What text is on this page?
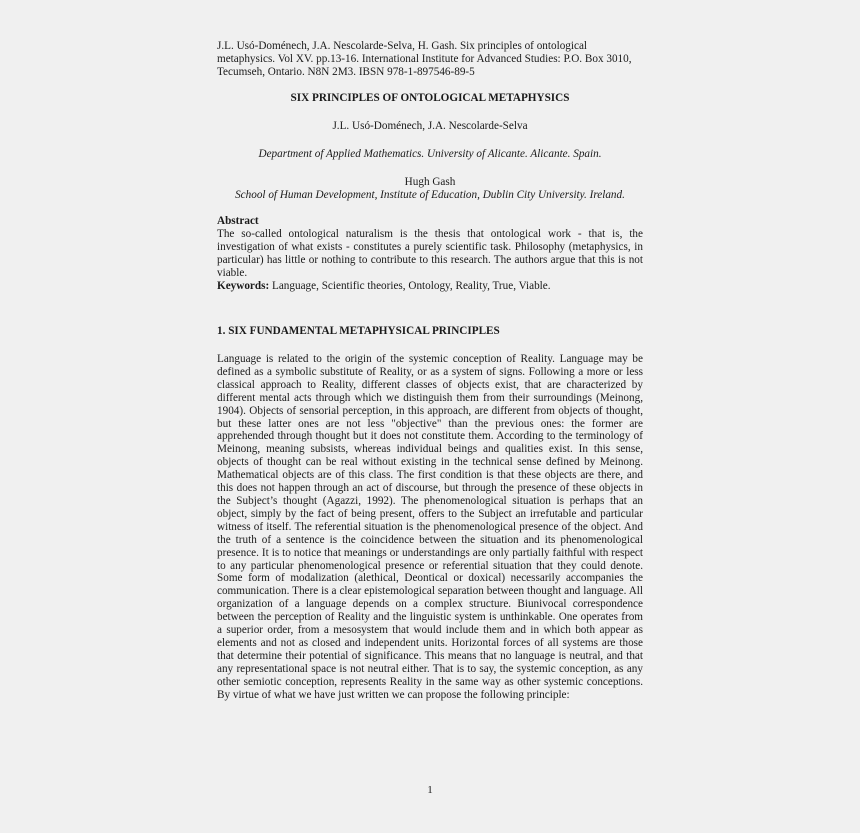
J.L. Usó-Doménech, J.A. Nescolarde-Selva, H. Gash. Six principles of ontological metaphysics. Vol XV. pp.13-16. International Institute for Advanced Studies: P.O. Box 3010, Tecumseh, Ontario. N8N 2M3. IBSN 978-1-897546-89-5
SIX PRINCIPLES OF ONTOLOGICAL METAPHYSICS
J.L. Usó-Doménech, J.A. Nescolarde-Selva
Department of Applied Mathematics. University of Alicante. Alicante. Spain.
Hugh Gash
School of Human Development, Institute of Education, Dublin City University. Ireland.
Abstract
The so-called ontological naturalism is the thesis that ontological work - that is, the investigation of what exists - constitutes a purely scientific task. Philosophy (metaphysics, in particular) has little or nothing to contribute to this research. The authors argue that this is not viable.
Keywords: Language, Scientific theories, Ontology, Reality, True, Viable.
1. SIX FUNDAMENTAL METAPHYSICAL PRINCIPLES

Language is related to the origin of the systemic conception of Reality. Language may be defined as a symbolic substitute of Reality, or as a system of signs. Following a more or less classical approach to Reality, different classes of objects exist, that are characterized by different mental acts through which we distinguish them from their surroundings (Meinong, 1904). Objects of sensorial perception, in this approach, are different from objects of thought, but these latter ones are not less "objective" than the previous ones: the former are apprehended through thought but it does not constitute them. According to the terminology of Meinong, meaning subsists, whereas individual beings and qualities exist. In this sense, objects of thought can be real without existing in the technical sense defined by Meinong. Mathematical objects are of this class. The first condition is that these objects are there, and this does not happen through an act of discourse, but through the presence of these objects in the Subject’s thought (Agazzi, 1992). The phenomenological situation is perhaps that an object, simply by the fact of being present, offers to the Subject an irrefutable and particular witness of itself. The referential situation is the phenomenological presence of the object. And the truth of a sentence is the coincidence between the situation and its phenomenological presence. It is to notice that meanings or understandings are only partially faithful with respect to any particular phenomenological presence or referential situation that they could denote. Some form of modalization (alethical, Deontical or doxical) necessarily accompanies the communication. There is a clear epistemological separation between thought and language. All organization of a language depends on a complex structure. Biunivocal correspondence between the perception of Reality and the linguistic system is unthinkable. One operates from a superior order, from a mesosystem that would include them and in which both appear as elements and not as closed and independent units. Horizontal forces of all systems are those that determine their potential of significance. This means that no language is neutral, and that any representational space is not neutral either. That is to say, the systemic conception, as any other semiotic conception, represents Reality in the same way as other systemic conceptions. By virtue of what we have just written we can propose the following principle:

1
